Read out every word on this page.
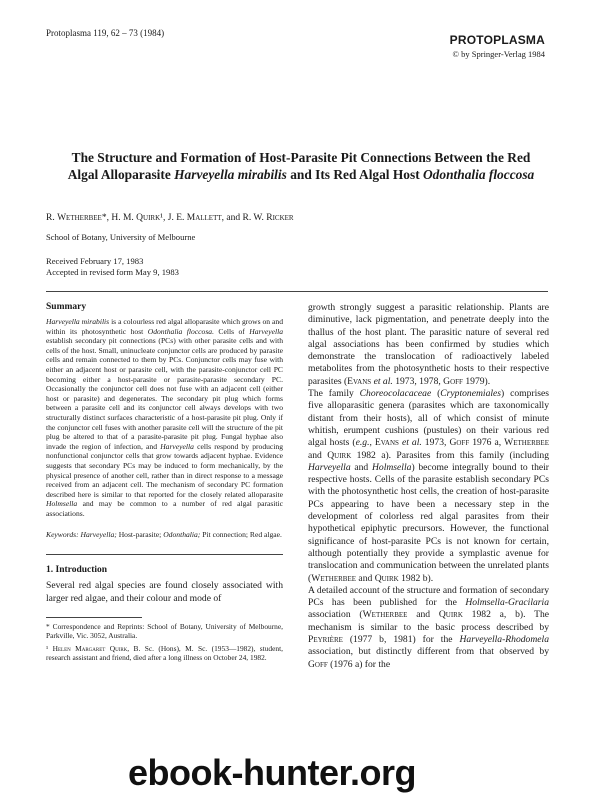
Protoplasma 119, 62 – 73 (1984)	PROTOPLASMA
© by Springer-Verlag 1984
The Structure and Formation of Host-Parasite Pit Connections Between the Red
Algal Alloparasite Harveyella mirabilis and Its Red Algal Host Odonthalia floccosa
R. Wetherbee*, H. M. Quirk¹, J. E. Mallett, and R. W. Ricker
School of Botany, University of Melbourne
Received February 17, 1983
Accepted in revised form May 9, 1983
Summary

Harveyella mirabilis is a colourless red algal alloparasite which grows on and within its photosynthetic host Odonthalia floccosa. Cells of Harveyella establish secondary pit connections (PCs) with other parasite cells and with cells of the host. Small, uninucleate conjunctor cells are produced by parasite cells and remain connected to them by PCs. Conjunctor cells may fuse with either an adjacent host or parasite cell, with the parasite-conjunctor cell PC becoming either a host-parasite or parasite-parasite secondary PC. Occasionally the conjunctor cell does not fuse with an adjacent cell (either host or parasite) and degenerates. The secondary pit plug which forms between a parasite cell and its conjunctor cell always develops with two structurally distinct surfaces characteristic of a host-parasite pit plug. Only if the conjunctor cell fuses with another parasite cell will the structure of the pit plug be altered to that of a parasite-parasite pit plug. Fungal hyphae also invade the region of infection, and Harveyella cells respond by producing nonfunctional conjunctor cells that grow towards adjacent hyphae. Evidence suggests that secondary PCs may be induced to form mechanically, by the physical presence of another cell, rather than in direct response to a message received from an adjacent cell. The mechanism of secondary PC formation described here is similar to that reported for the closely related alloparasite Holmsella and may be common to a number of red algal parasitic associations.

Keywords: Harveyella; Host-parasite; Odonthalia; Pit connection; Red algae.

1. Introduction

Several red algal species are found closely associated with larger red algae, and their colour and mode of

* Correspondence and Reprints: School of Botany, University of Melbourne, Parkville, Vic. 3052, Australia.

¹ Helen Margaret Quirk, B. Sc. (Hons), M. Sc. (1953—1982), student, research assistant and friend, died after a long illness on October 24, 1982.

growth strongly suggest a parasitic relationship. Plants are diminutive, lack pigmentation, and penetrate deeply into the thallus of the host plant. The parasitic nature of several red algal associations has been confirmed by studies which demonstrate the translocation of radioactively labeled metabolites from the photosynthetic hosts to their respective parasites (Evans et al. 1973, 1978, Goff 1979).

The family Choreocolacaceae (Cryptonemiales) comprises five alloparasitic genera (parasites which are taxonomically distant from their hosts), all of which consist of minute whitish, erumpent cushions (pustules) on their various red algal hosts (e.g., Evans et al. 1973, Goff 1976 a, Wetherbee and Quirk 1982 a). Parasites from this family (including Harveyella and Holmsella) become integrally bound to their respective hosts. Cells of the parasite establish secondary PCs with the photosynthetic host cells, the creation of host-parasite PCs appearing to have been a necessary step in the development of colorless red algal parasites from their hypothetical epiphytic precursors. However, the functional significance of host-parasite PCs is not known for certain, although potentially they provide a symplastic avenue for translocation and communication between the unrelated plants (Wetherbee and Quirk 1982 b).

A detailed account of the structure and formation of secondary PCs has been published for the Holmsella-Gracilaria association (Wetherbee and Quirk 1982 a, b). The mechanism is similar to the basic process described by Peyrière (1977 b, 1981) for the Harveyella-Rhodomela association, but distinctly different from that observed by Goff (1976 a) for the

ebook-hunter.org
